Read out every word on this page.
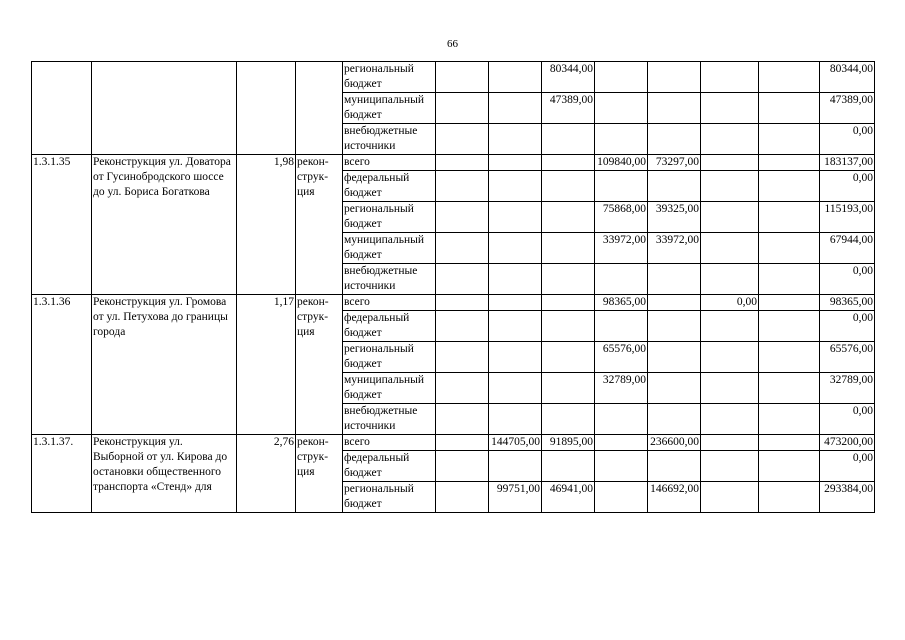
66
				региональный бюджет			80344,00					80344,00
				муниципальный бюджет			47389,00					47389,00
				внебюджетные источники								0,00
1.3.1.35	Реконструкция ул. Доватора от Гусинобродского шоссе до ул. Бориса Богаткова	1,98	рекон-струк-ция	всего				109840,00	73297,00			183137,00
				федеральный бюджет								0,00
				региональный бюджет				75868,00	39325,00			115193,00
				муниципальный бюджет				33972,00	33972,00			67944,00
				внебюджетные источники								0,00
1.3.1.36	Реконструкция ул. Громова от ул. Петухова до границы города	1,17	рекон-струк-ция	всего				98365,00		0,00		98365,00
				федеральный бюджет								0,00
				региональный бюджет				65576,00				65576,00
				муниципальный бюджет				32789,00				32789,00
				внебюджетные источники								0,00
1.3.1.37.	Реконструкция ул. Выборной от ул. Кирова до остановки общественного транспорта «Стенд» для	2,76	рекон-струк-ция	всего		144705,00	91895,00		236600,00			473200,00
				федеральный бюджет								0,00
				региональный бюджет		99751,00	46941,00		146692,00			293384,00
